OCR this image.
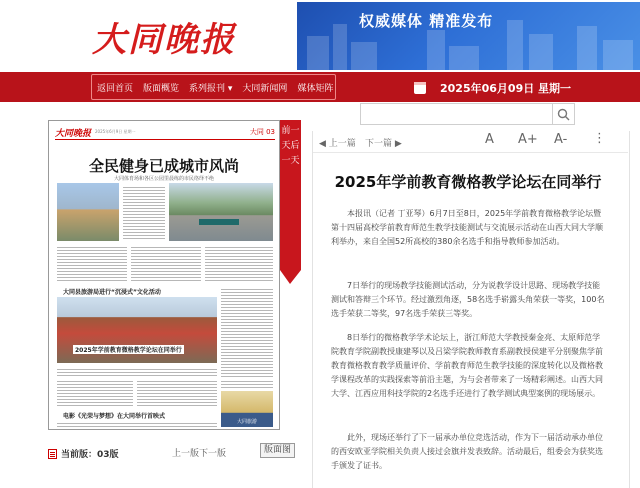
大同晚报	权威媒体 精准发布
返回首页	版面概览	系列报刊 ▾	大同新闻网	媒体矩阵	2025年06月09日 星期一
大同晚报 2025年6月9日 星期一	大同 03
全民健身已成城市风尚
大同体育场和各区公园里晨练的市民络绎不绝
大同县旅游局进行“沉浸式”文化活动
2025年学前教育微格教学论坛在同举行
大同旅游
电影《光荣与梦想》在大同举行首映式
前一天后一天
当前版：03版	上一版 下一版	版面图
◀ 上一篇 下一篇 ▶	A A+ A- ⋮
2025年学前教育微格教学论坛在同举行

本报讯（记者 丁亚琴）6月7日至8日，2025年学前教育微格教学论坛暨第十四届高校学前教育师范生教学技能测试与交流展示活动在山西大同大学顺利举办，来自全国52所高校的380余名选手和指导教师参加活动。

7日举行的现场教学技能测试活动，分为说教学设计思路、现场教学技能测试和答辩三个环节。经过激烈角逐，58名选手崭露头角荣获一等奖，100名选手荣获二等奖，97名选手荣获三等奖。

8日举行的微格教学学术论坛上，浙江师范大学教授秦金亮、太原师范学院教育学院副教授康建琴以及吕梁学院教师教育系副教授侯建平分别聚焦学前教育微格教育教学质量评价、学前教育师范生教学技能的深度转化以及微格教学课程改革的实践探索等前沿主题，为与会者带来了一场精彩阐述。山西大同大学、江西应用科技学院的2名选手还进行了教学测试典型案例的现场展示。

此外，现场还举行了下一届承办单位竞选活动，作为下一届活动承办单位的西安欧亚学院相关负责人接过会旗并发表致辞。活动最后，组委会为获奖选手颁发了证书。
